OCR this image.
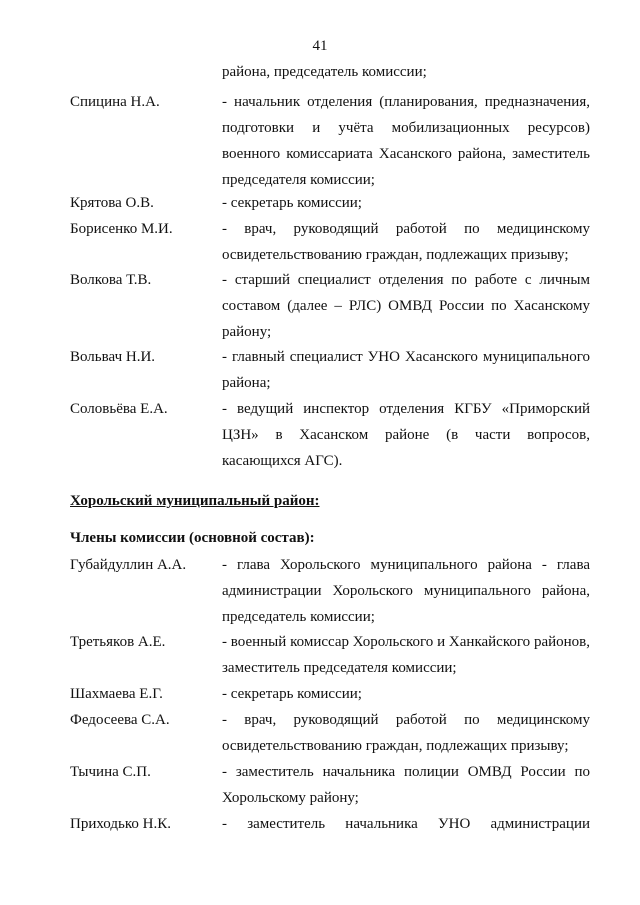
41
района, председатель комиссии;
Спицина Н.А.	- начальник отделения (планирования, предназначения, подготовки и учёта мобилизационных ресурсов) военного комиссариата Хасанского района, заместитель председателя комиссии;
Крятова О.В.	- секретарь комиссии;
Борисенко М.И.	- врач, руководящий работой по медицинскому освидетельствованию граждан, подлежащих призыву;
Волкова Т.В.	- старший специалист отделения по работе с личным составом (далее – РЛС) ОМВД России по Хасанскому району;
Вольвач Н.И.	- главный специалист УНО Хасанского муниципального района;
Соловьёва Е.А.	- ведущий инспектор отделения КГБУ «Приморский ЦЗН» в Хасанском районе (в части вопросов, касающихся АГС).
Хорольский муниципальный район:
Члены комиссии (основной состав):
Губайдуллин А.А.	- глава Хорольского муниципального района - глава администрации Хорольского муниципального района, председатель комиссии;
Третьяков А.Е.	- военный комиссар Хорольского и Ханкайского районов, заместитель председателя комиссии;
Шахмаева Е.Г.	- секретарь комиссии;
Федосеева С.А.	- врач, руководящий работой по медицинскому освидетельствованию граждан, подлежащих призыву;
Тычина С.П.	- заместитель начальника полиции ОМВД России по Хорольскому району;
Приходько Н.К.	- заместитель начальника УНО администрации
